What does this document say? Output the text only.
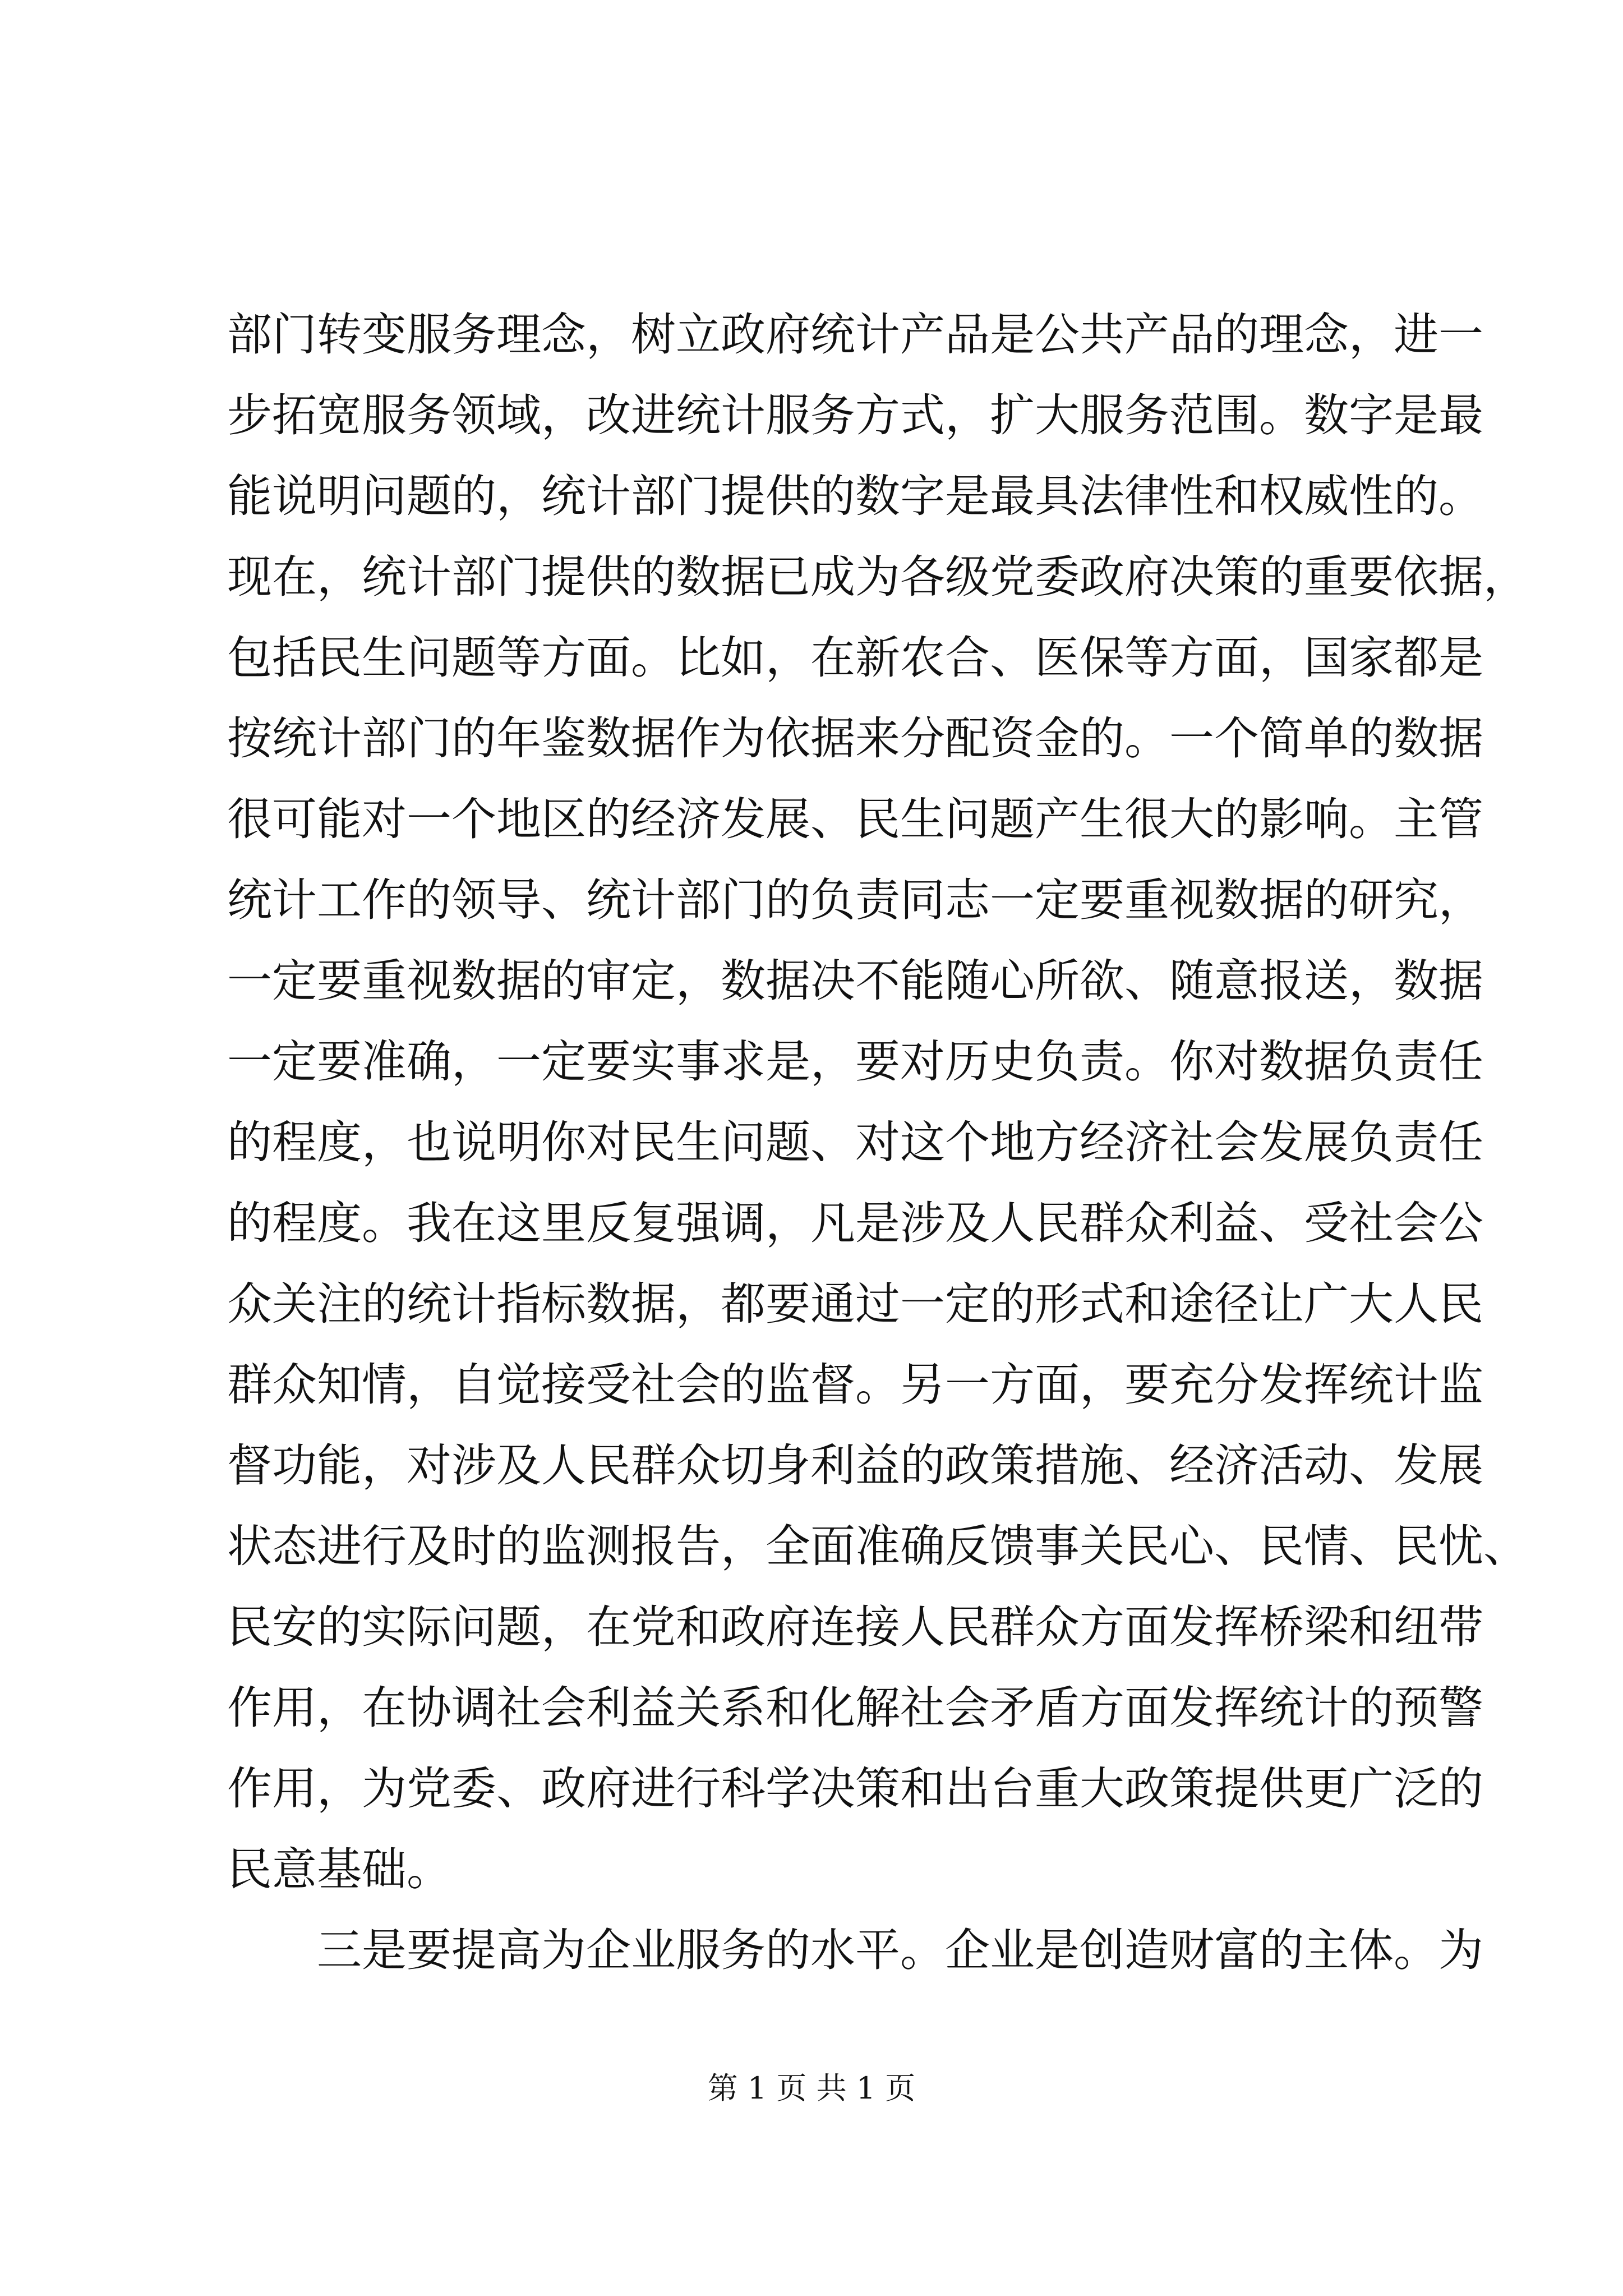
部门转变服务理念，树立政府统计产品是公共产品的理念，进一
步拓宽服务领域，改进统计服务方式，扩大服务范围。数字是最
能说明问题的，统计部门提供的数字是最具法律性和权威性的。
现在，统计部门提供的数据已成为各级党委政府决策的重要依据，
包括民生问题等方面。比如，在新农合、医保等方面，国家都是
按统计部门的年鉴数据作为依据来分配资金的。一个简单的数据
很可能对一个地区的经济发展、民生问题产生很大的影响。主管
统计工作的领导、统计部门的负责同志一定要重视数据的研究，
一定要重视数据的审定，数据决不能随心所欲、随意报送，数据
一定要准确，一定要实事求是，要对历史负责。你对数据负责任
的程度，也说明你对民生问题、对这个地方经济社会发展负责任
的程度。我在这里反复强调，凡是涉及人民群众利益、受社会公
众关注的统计指标数据，都要通过一定的形式和途径让广大人民
群众知情，自觉接受社会的监督。另一方面，要充分发挥统计监
督功能，对涉及人民群众切身利益的政策措施、经济活动、发展
状态进行及时的监测报告，全面准确反馈事关民心、民情、民忧、
民安的实际问题，在党和政府连接人民群众方面发挥桥梁和纽带
作用，在协调社会利益关系和化解社会矛盾方面发挥统计的预警
作用，为党委、政府进行科学决策和出台重大政策提供更广泛的
民意基础。
三是要提高为企业服务的水平。企业是创造财富的主体。为
第 1 页 共 1 页
